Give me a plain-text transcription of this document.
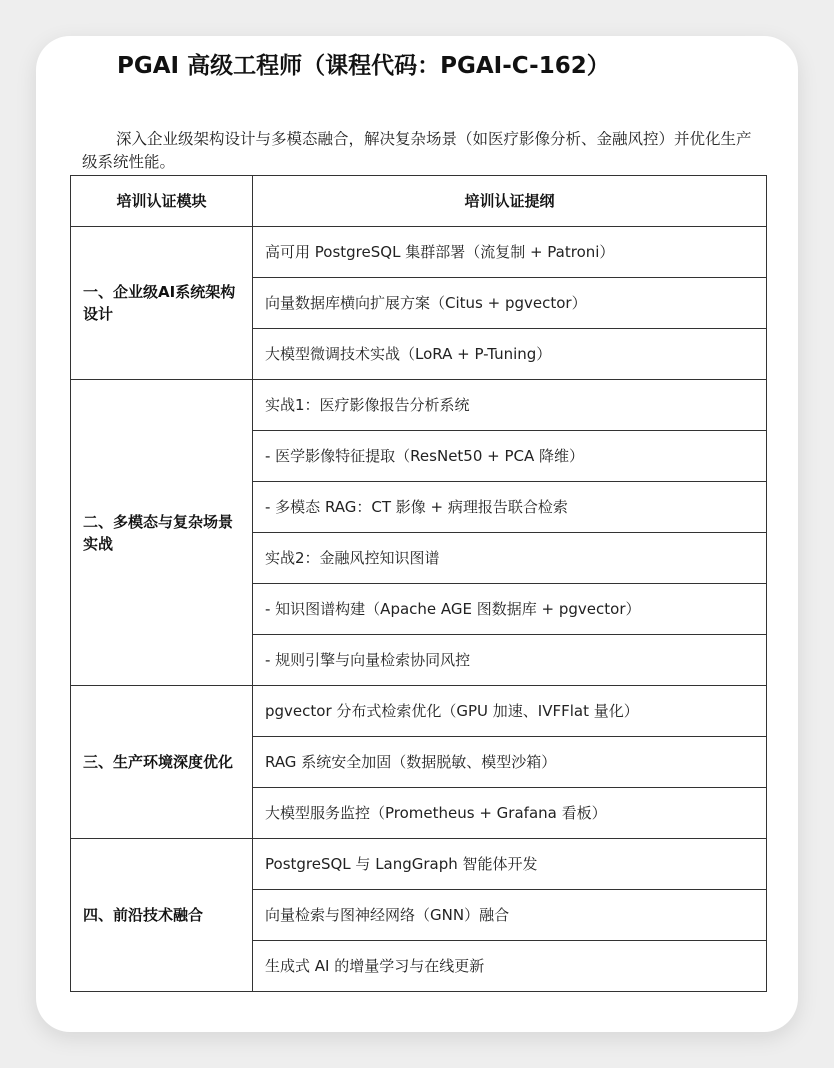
PGAI 高级工程师（课程代码：PGAI-C-162）
深入企业级架构设计与多模态融合，解决复杂场景（如医疗影像分析、金融风控）并优化生产级系统性能。
培训认证模块	培训认证提纲
一、企业级AI系统架构设计	高可用 PostgreSQL 集群部署（流复制 + Patroni）
	向量数据库横向扩展方案（Citus + pgvector）
	大模型微调技术实战（LoRA + P-Tuning）
二、多模态与复杂场景实战	实战1：医疗影像报告分析系统
	- 医学影像特征提取（ResNet50 + PCA 降维）
	- 多模态 RAG：CT 影像 + 病理报告联合检索
	实战2：金融风控知识图谱
	- 知识图谱构建（Apache AGE 图数据库 + pgvector）
	- 规则引擎与向量检索协同风控
三、生产环境深度优化	pgvector 分布式检索优化（GPU 加速、IVFFlat 量化）
	RAG 系统安全加固（数据脱敏、模型沙箱）
	大模型服务监控（Prometheus + Grafana 看板）
四、前沿技术融合	PostgreSQL 与 LangGraph 智能体开发
	向量检索与图神经网络（GNN）融合
	生成式 AI 的增量学习与在线更新
